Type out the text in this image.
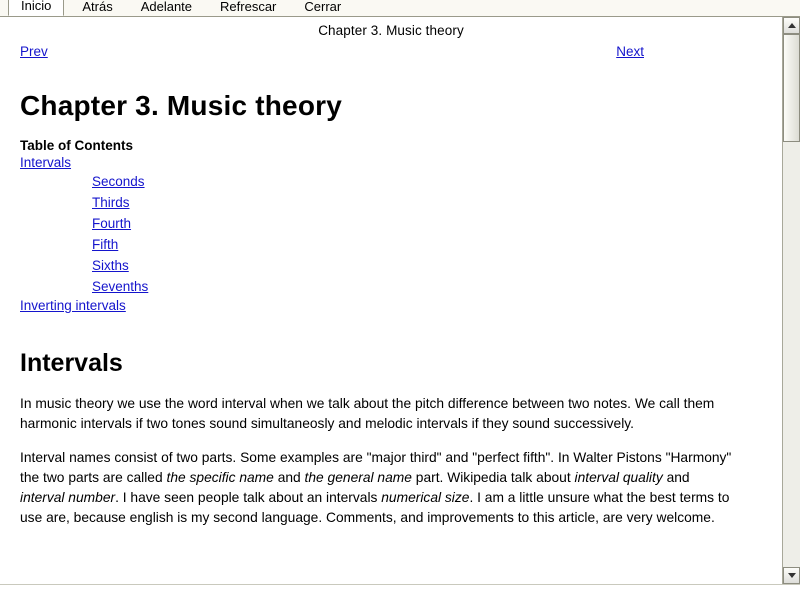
Inicio	Atrás	Adelante	Refrescar	Cerrar
Chapter 3. Music theory
Prev	Next
Chapter 3. Music theory
Table of Contents
Intervals
Seconds
Thirds
Fourth
Fifth
Sixths
Sevenths
Inverting intervals
Intervals

In music theory we use the word interval when we talk about the pitch difference between two notes. We call them harmonic intervals if two tones sound simultaneosly and melodic intervals if they sound successively.

Interval names consist of two parts. Some examples are "major third" and "perfect fifth". In Walter Pistons "Harmony" the two parts are called the specific name and the general name part. Wikipedia talk about interval quality and interval number. I have seen people talk about an intervals numerical size. I am a little unsure what the best terms to use are, because english is my second language. Comments, and improvements to this article, are very welcome.
